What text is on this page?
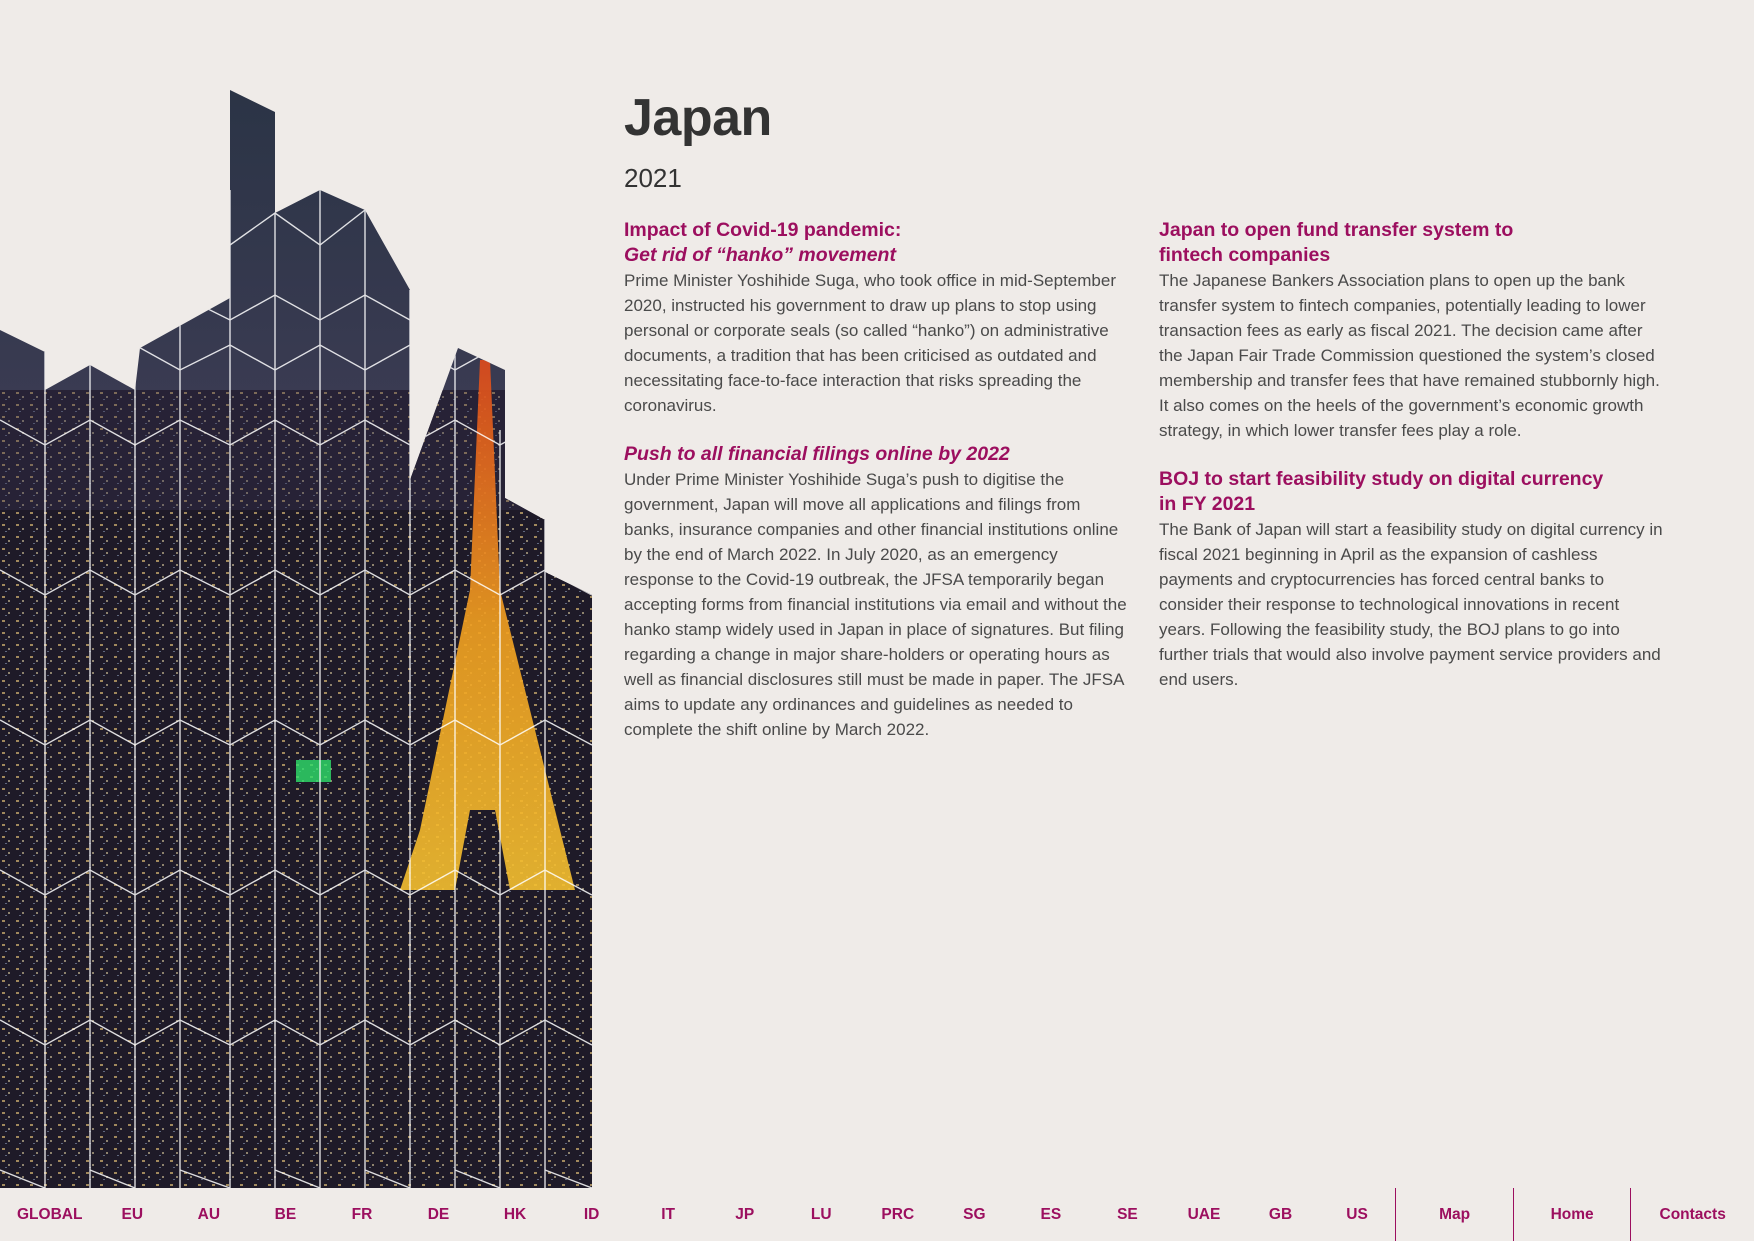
Japan
2021
Impact of Covid-19 pandemic:
Get rid of “hanko” movement

Prime Minister Yoshihide Suga, who took office in mid-September 2020, instructed his government to draw up plans to stop using personal or corporate seals (so called “hanko”) on administrative documents, a tradition that has been criticised as outdated and necessitating face-to-face interaction that risks spreading the coronavirus.

Push to all financial filings online by 2022

Under Prime Minister Yoshihide Suga’s push to digitise the government, Japan will move all applications and filings from banks, insurance companies and other financial institutions online by the end of March 2022. In July 2020, as an emergency response to the Covid-19 outbreak, the JFSA temporarily began accepting forms from financial institutions via email and without the hanko stamp widely used in Japan in place of signatures. But filing regarding a change in major share-holders or operating hours as well as financial disclosures still must be made in paper. The JFSA aims to update any ordinances and guidelines as needed to complete the shift online by March 2022.

Japan to open fund transfer system to
fintech companies

The Japanese Bankers Association plans to open up the bank transfer system to fintech companies, potentially leading to lower transaction fees as early as fiscal 2021. The decision came after the Japan Fair Trade Commission questioned the system’s closed membership and transfer fees that have remained stubbornly high. It also comes on the heels of the government’s economic growth strategy, in which lower transfer fees play a role.

BOJ to start feasibility study on digital currency
in FY 2021

The Bank of Japan will start a feasibility study on digital currency in fiscal 2021 beginning in April as the expansion of cashless payments and cryptocurrencies has forced central banks to consider their response to technological innovations in recent years. Following the feasibility study, the BOJ plans to go into further trials that would also involve payment service providers and end users.

GLOBAL	EU	AU	BE	FR	DE	HK	ID	IT	JP	LU	PRC	SG	ES	SE	UAE	GB	US	Map	Home	Contacts
